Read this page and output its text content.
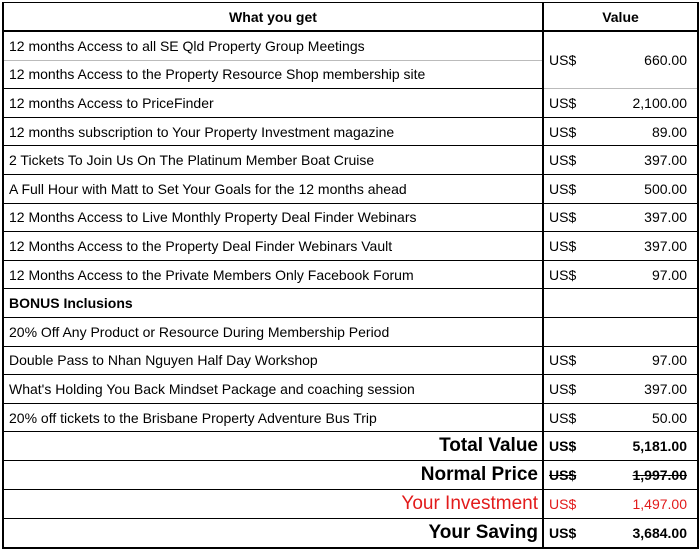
What you get	Value	
12 months Access to all SE Qld Property Group Meetings	US$	660.00
12 months Access to the Property Resource Shop membership site		
12 months Access to PriceFinder	US$	2,100.00
12 months subscription to Your Property Investment magazine	US$	89.00
2 Tickets To Join Us On The Platinum Member Boat Cruise	US$	397.00
A Full Hour with Matt to Set Your Goals for the 12 months ahead	US$	500.00
12 Months Access to Live Monthly Property Deal Finder Webinars	US$	397.00
12 Months Access to the Property Deal Finder Webinars Vault	US$	397.00
12 Months Access to the Private Members Only Facebook Forum	US$	97.00
BONUS Inclusions		
20% Off Any Product or Resource During Membership Period		
Double Pass to Nhan Nguyen Half Day Workshop	US$	97.00
What's Holding You Back Mindset Package and coaching session	US$	397.00
20% off tickets to the Brisbane Property Adventure Bus Trip	US$	50.00
Total Value	US$	5,181.00
Normal Price	US$	1,997.00
Your Investment	US$	1,497.00
Your Saving	US$	3,684.00
